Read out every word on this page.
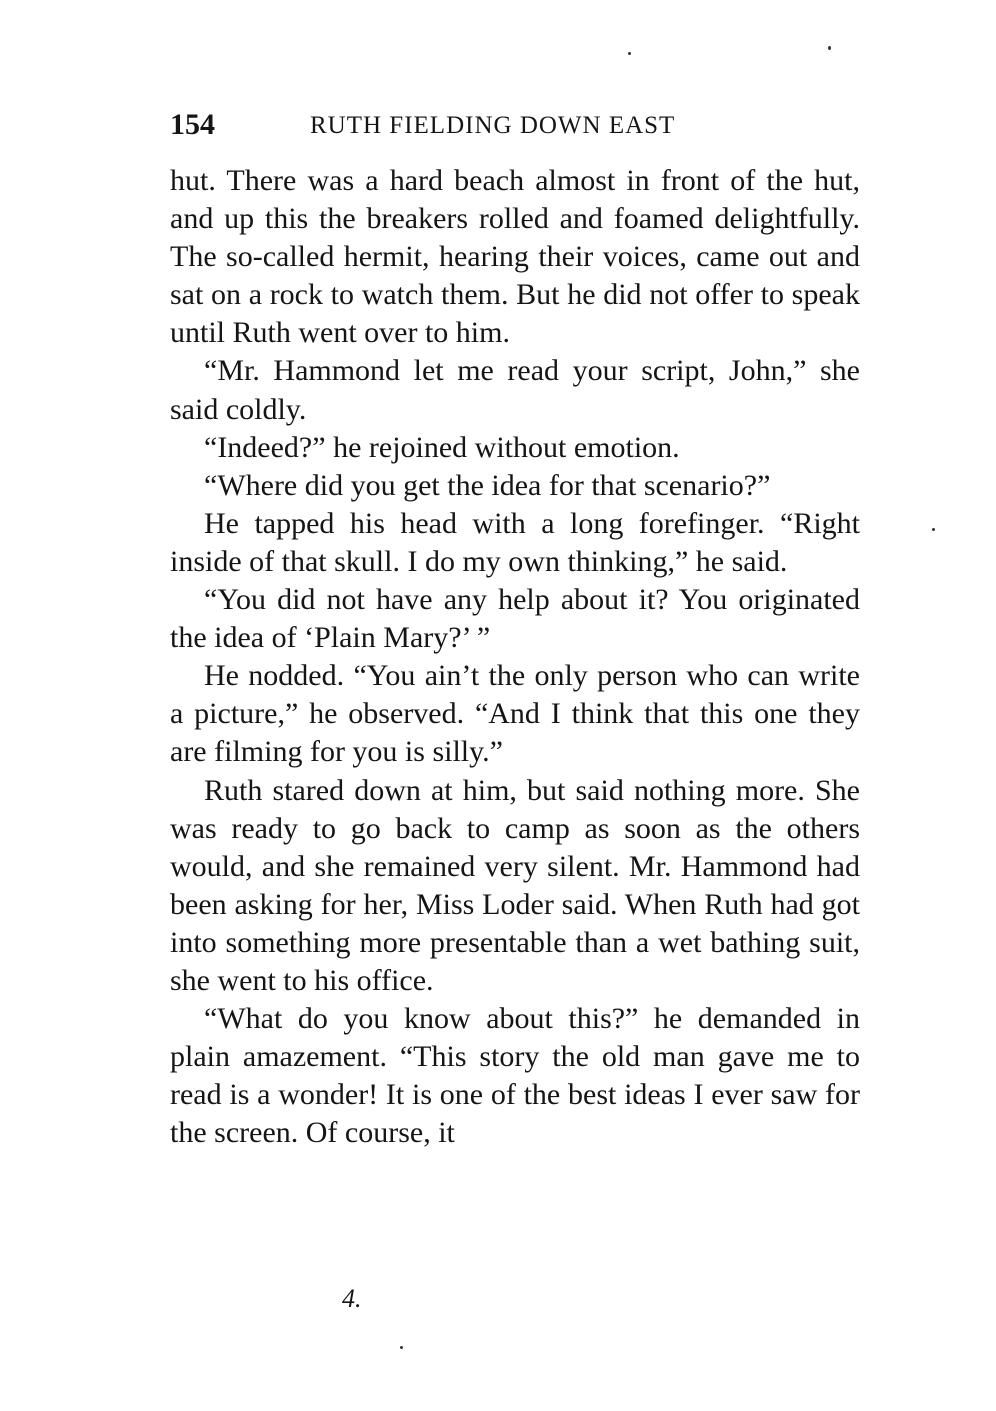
154	RUTH FIELDING DOWN EAST

hut. There was a hard beach almost in front of the hut, and up this the breakers rolled and foamed delightfully. The so-called hermit, hearing their voices, came out and sat on a rock to watch them. But he did not offer to speak until Ruth went over to him.

“Mr. Hammond let me read your script, John,” she said coldly.

“Indeed?” he rejoined without emotion.

“Where did you get the idea for that scenario?”

He tapped his head with a long forefinger. “Right inside of that skull. I do my own thinking,” he said.

“You did not have any help about it? You originated the idea of ‘Plain Mary?’ ”

He nodded. “You ain’t the only person who can write a picture,” he observed. “And I think that this one they are filming for you is silly.”

Ruth stared down at him, but said nothing more. She was ready to go back to camp as soon as the others would, and she remained very silent. Mr. Hammond had been asking for her, Miss Loder said. When Ruth had got into something more presentable than a wet bathing suit, she went to his office.

“What do you know about this?” he demanded in plain amazement. “This story the old man gave me to read is a wonder! It is one of the best ideas I ever saw for the screen. Of course, it

4.
